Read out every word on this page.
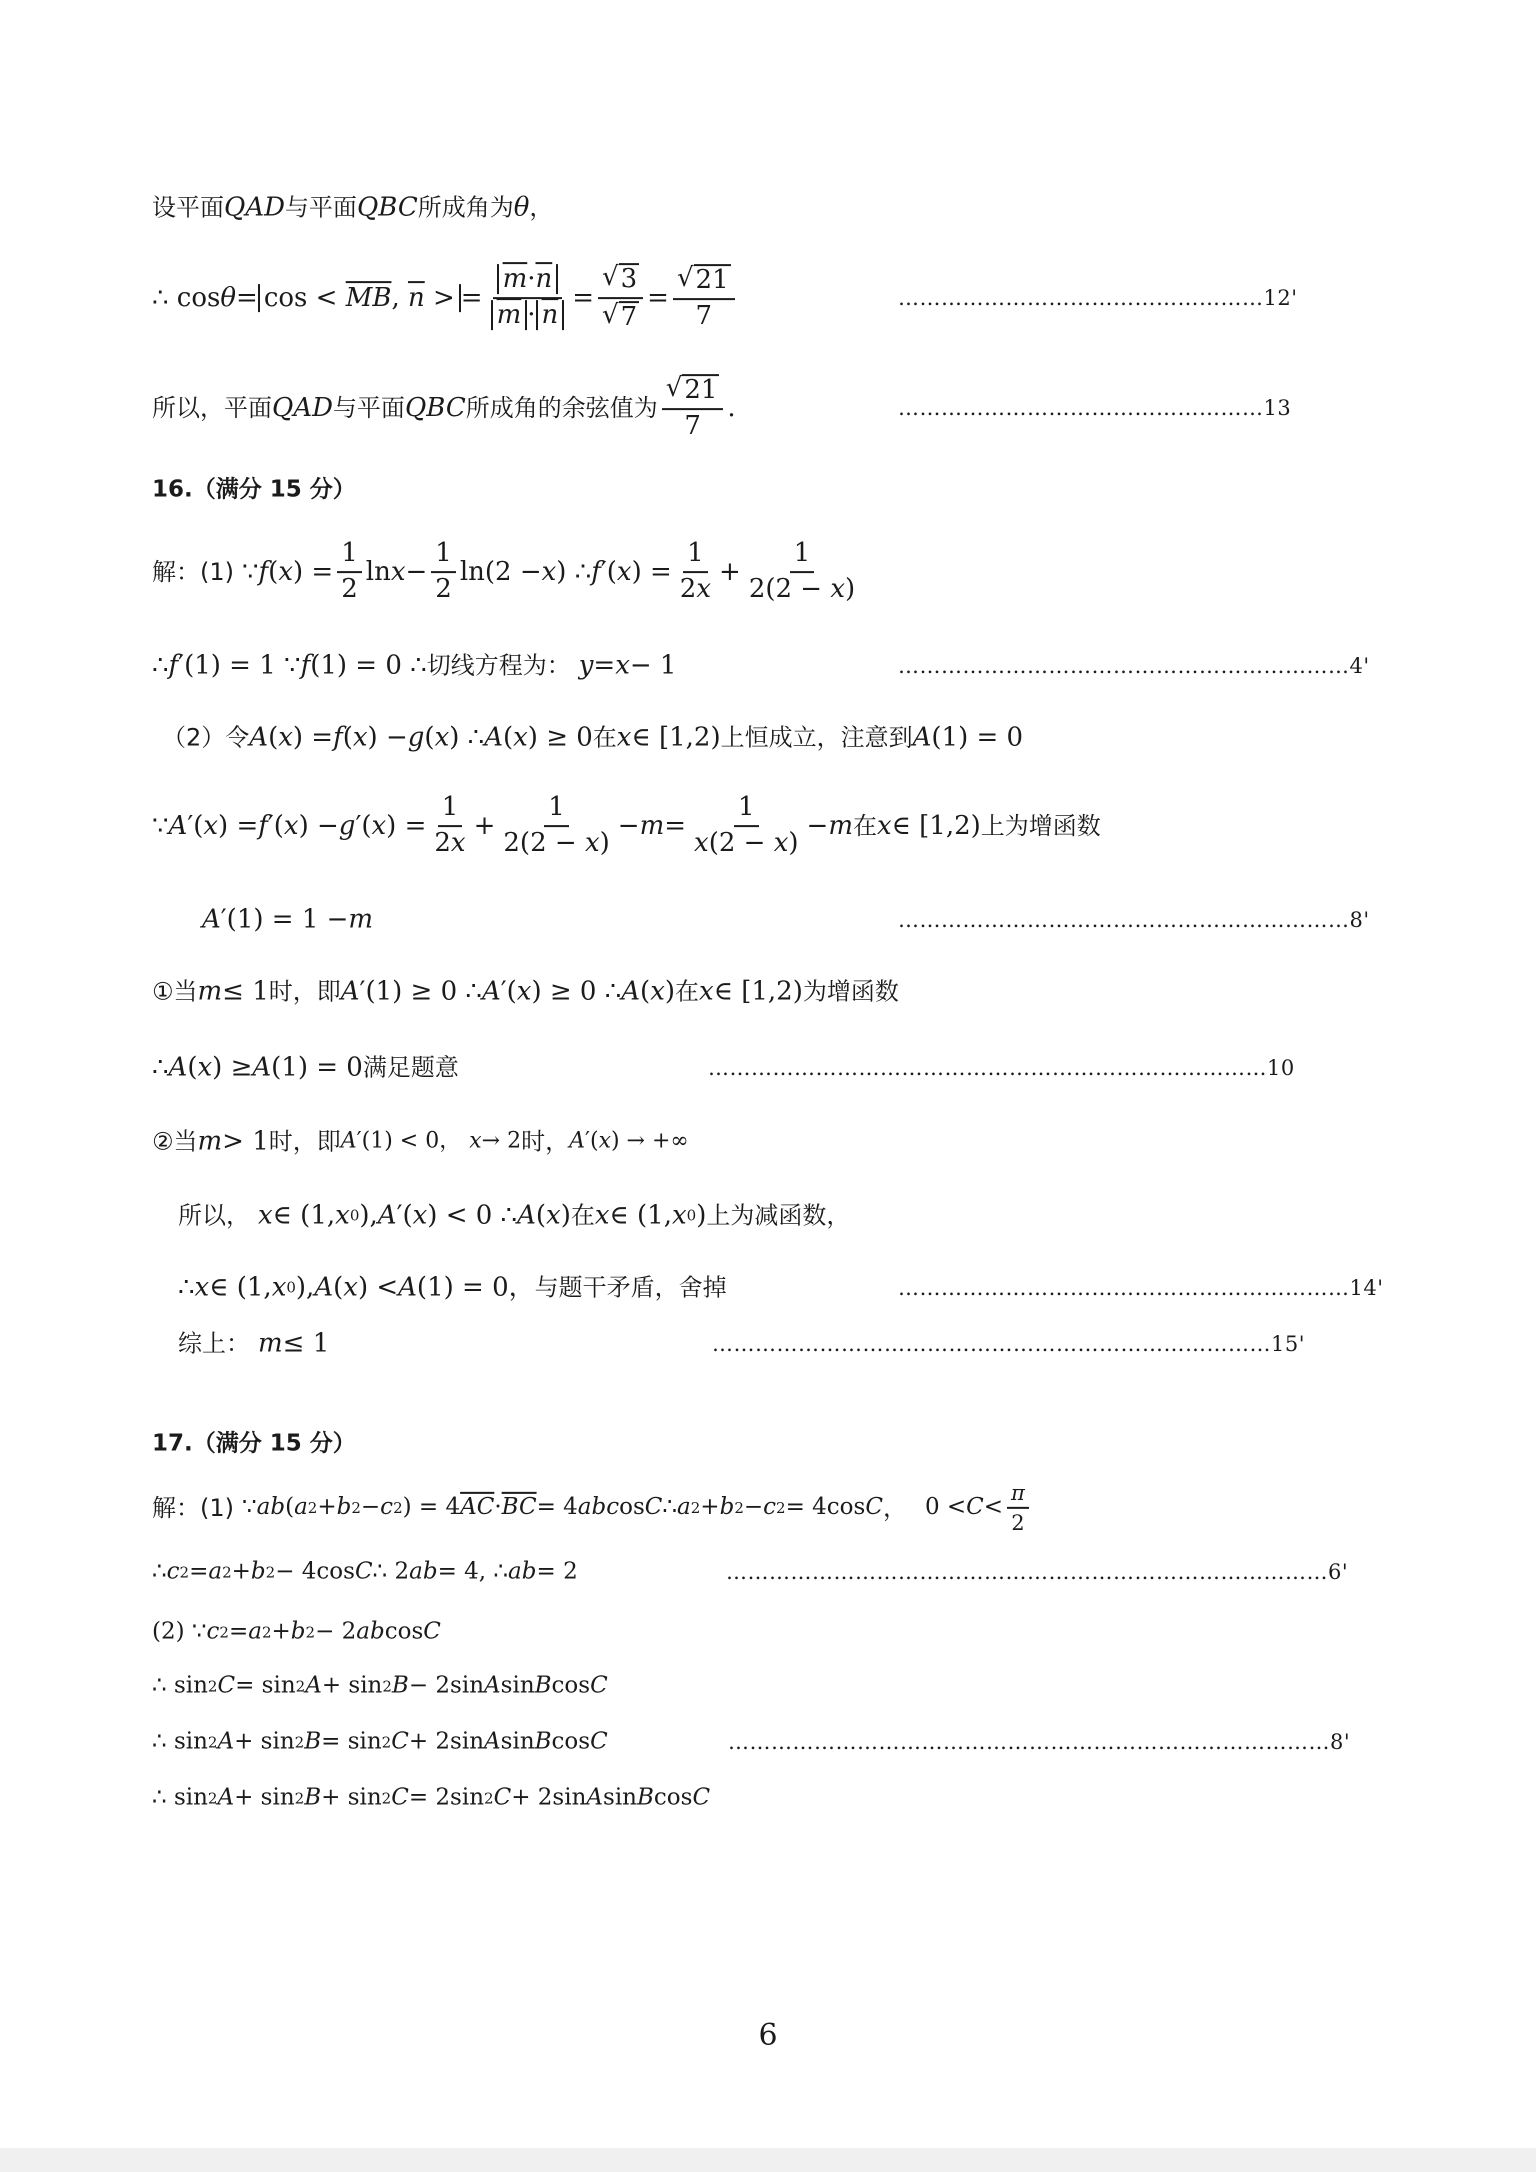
设平面 QAD 与平面 QBC 所成角为 θ ，
∴ $\cos \theta = \cos < \overline{MB}$, $\overline{n}$ > = $\frac{\overline{m}\cdot\overline{n}}{\overline{m} \cdot \overline{n}} = \frac{√ 3}{√ 7} = \frac{√ 21}{7}$	……………………………………………12'
所以，平面 QAD 与平面 QBC 所成角的余弦值为 $\frac{√ 21}{7}$ .	……………………………………………13
16.（满分 15 分）
解：(1) ∵ f ( x ) = $\frac{1}{2}$ $\ln x - \frac{1}{2} \ln(2 - x$ ) ∴ f ′( x ) = $\frac{1}{2x} + \frac{1}{2(2 - x)}$
∴ f ′(1) = 1 ∵ f (1) = 0 ∴ 切线方程为： y = x − 1	………………………………………………………4'
（2）令 A ( x ) = f ( x ) − g ( x ) ∴ A ( x ) ≥ 0 在 x ∈ [1,2) 上恒成立，注意到 A (1) = 0
∵ A ′( x ) = f ′( x ) − g ′( x ) = $\frac{1}{2x} + \frac{1}{2(2 - x)} - m = \frac{1}{x(2 - x)} - m$ 在 x ∈ [1,2) 上为增函数
A ′(1) = 1 − m	………………………………………………………8'
①当 m ≤ 1 时，即 A ′(1) ≥ 0 ∴ A ′( x ) ≥ 0 ∴ A ( x ) 在 x ∈ [1,2) 为增函数
∴ A ( x ) ≥ A (1) = 0 满足题意	……………………………………………………………………10
②当 m > 1 时，即 A ′(1) < 0， x → 2 时， A ′( x ) → +∞
所以， x ∈ (1, x 0 ), A ′( x ) < 0 ∴ A ( x ) 在 x ∈ (1, x 0 ) 上为减函数，
∴ x ∈ (1, x 0 ), A ( x ) < A (1) = 0， 与题干矛盾，舍掉	………………………………………………………14'
综上： m ≤ 1	……………………………………………………………………15'
17.（满分 15 分）
解：(1) ∵ ab ( a 2 + b 2 − c 2 ) = 4 $\overline{AC} \cdot \overline{BC} = 4$ abc os C ∴ a 2 + b 2 − c 2 = 4cos C ， $0 < C < \frac{\pi}{2}$
∴ c 2 = a 2 + b 2 − 4cos C ∴ 2 ab = 4, ∴ ab = 2	…………………………………………………………………………6'
(2) ∵ c 2 = a 2 + b 2 − 2 ab cos C
∴ sin 2 C = sin 2 A + sin 2 B − 2sin A sin B cos C
∴ sin 2 A + sin 2 B = sin 2 C + 2sin A sin B cos C	…………………………………………………………………………8'
∴ sin 2 A + sin 2 B + sin 2 C = 2sin 2 C + 2sin A sin B cos C
6
